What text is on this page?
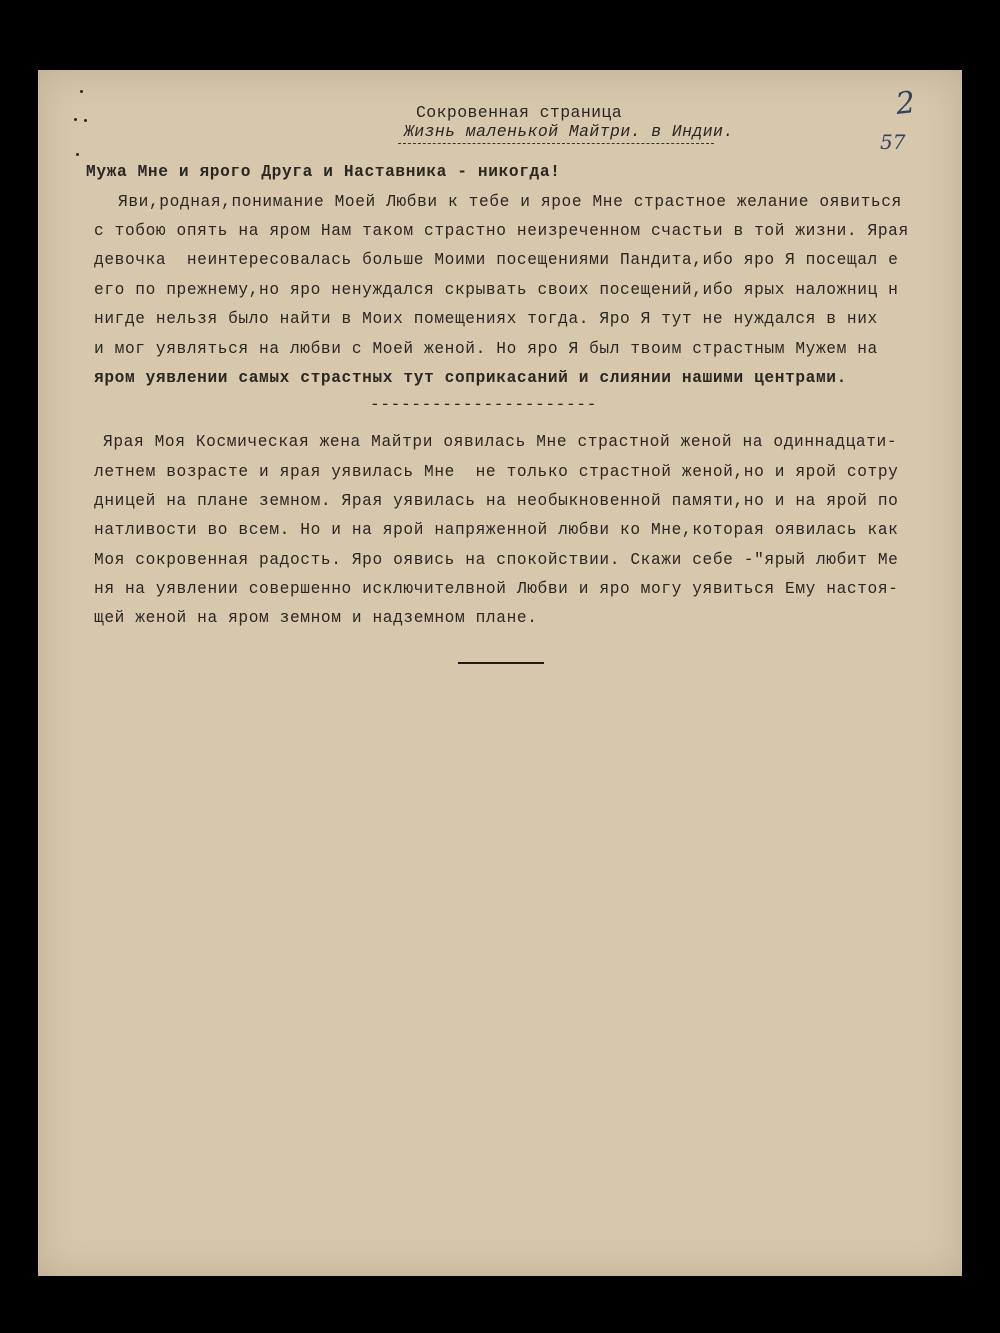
2
57
Сокровенная страница
Жизнь маленькой Майтри. в Индии.
Мужа Мне и ярого Друга и Наставника - никогда!
Яви,родная,понимание Моей Любви к тебе и ярое Мне страстное желание оявиться
с тобою опять на яром Нам таком страстно неизреченном счастьи в той жизни. Ярая
девочка  неинтересовалась больше Моими посещениями Пандита,ибо яро Я посещал е
его по прежнему,но яро ненуждался скрывать своих посещений,ибо ярых наложниц н
нигде нельзя было найти в Моих помещениях тогда. Яро Я тут не нуждался в них
и мог уявляться на любви с Моей женой. Но яро Я был твоим страстным Мужем на
яром уявлении самых страстных тут соприкасаний и слиянии нашими центрами.
----------------------
Ярая Моя Космическая жена Майтри оявилась Мне страстной женой на одиннадцати-
летнем возрасте и ярая уявилась Мне  не только страстной женой,но и ярой сотру
дницей на плане земном. Ярая уявилась на необыкновенной памяти,но и на ярой по
натливости во всем. Но и на ярой напряженной любви ко Мне,которая оявилась как
Моя сокровенная радость. Яро оявись на спокойствии. Скажи себе -"ярый любит Ме
ня на уявлении совершенно исключителвной Любви и яро могу уявиться Ему настоя-
щей женой на яром земном и надземном плане.
